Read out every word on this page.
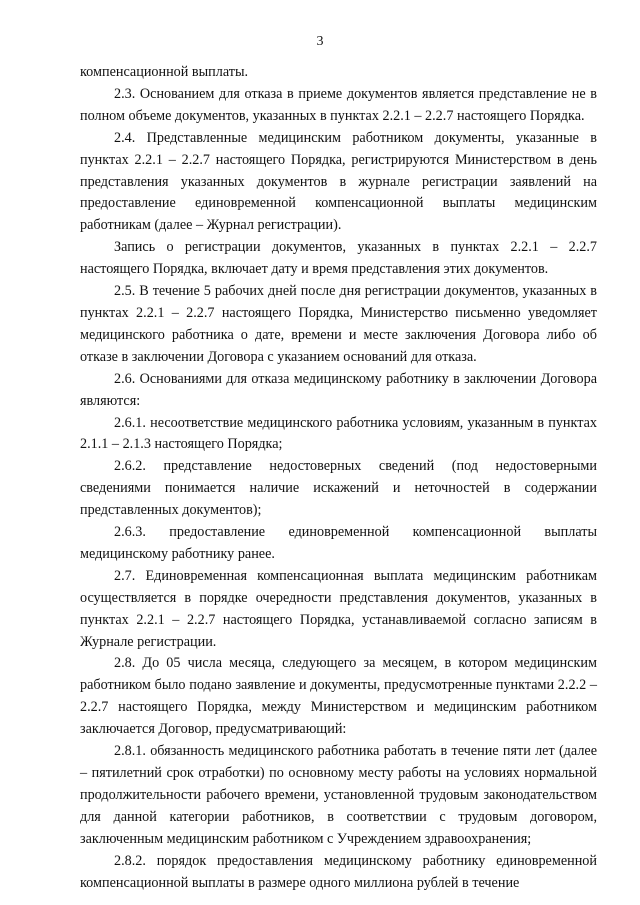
3

компенсационной выплаты.

2.3. Основанием для отказа в приеме документов является представление не в полном объеме документов, указанных в пунктах 2.2.1 – 2.2.7 настоящего Порядка.

2.4. Представленные медицинским работником документы, указанные в пунктах 2.2.1 – 2.2.7 настоящего Порядка, регистрируются Министерством в день представления указанных документов в журнале регистрации заявлений на предоставление единовременной компенсационной выплаты медицинским работникам (далее – Журнал регистрации).

Запись о регистрации документов, указанных в пунктах 2.2.1 – 2.2.7 настоящего Порядка, включает дату и время представления этих документов.

2.5. В течение 5 рабочих дней после дня регистрации документов, указанных в пунктах 2.2.1 – 2.2.7 настоящего Порядка, Министерство письменно уведомляет медицинского работника о дате, времени и месте заключения Договора либо об отказе в заключении Договора с указанием оснований для отказа.

2.6. Основаниями для отказа медицинскому работнику в заключении Договора являются:

2.6.1. несоответствие медицинского работника условиям, указанным в пунктах 2.1.1 – 2.1.3 настоящего Порядка;

2.6.2. представление недостоверных сведений (под недостоверными сведениями понимается наличие искажений и неточностей в содержании представленных документов);

2.6.3. предоставление единовременной компенсационной выплаты медицинскому работнику ранее.

2.7. Единовременная компенсационная выплата медицинским работникам осуществляется в порядке очередности представления документов, указанных в пунктах 2.2.1 – 2.2.7 настоящего Порядка, устанавливаемой согласно записям в Журнале регистрации.

2.8. До 05 числа месяца, следующего за месяцем, в котором медицинским работником было подано заявление и документы, предусмотренные пунктами 2.2.2 – 2.2.7 настоящего Порядка, между Министерством и медицинским работником заключается Договор, предусматривающий:

2.8.1. обязанность медицинского работника работать в течение пяти лет (далее – пятилетний срок отработки) по основному месту работы на условиях нормальной продолжительности рабочего времени, установленной трудовым законодательством для данной категории работников, в соответствии с трудовым договором, заключенным медицинским работником с Учреждением здравоохранения;

2.8.2. порядок предоставления медицинскому работнику единовременной компенсационной выплаты в размере одного миллиона рублей в течение
